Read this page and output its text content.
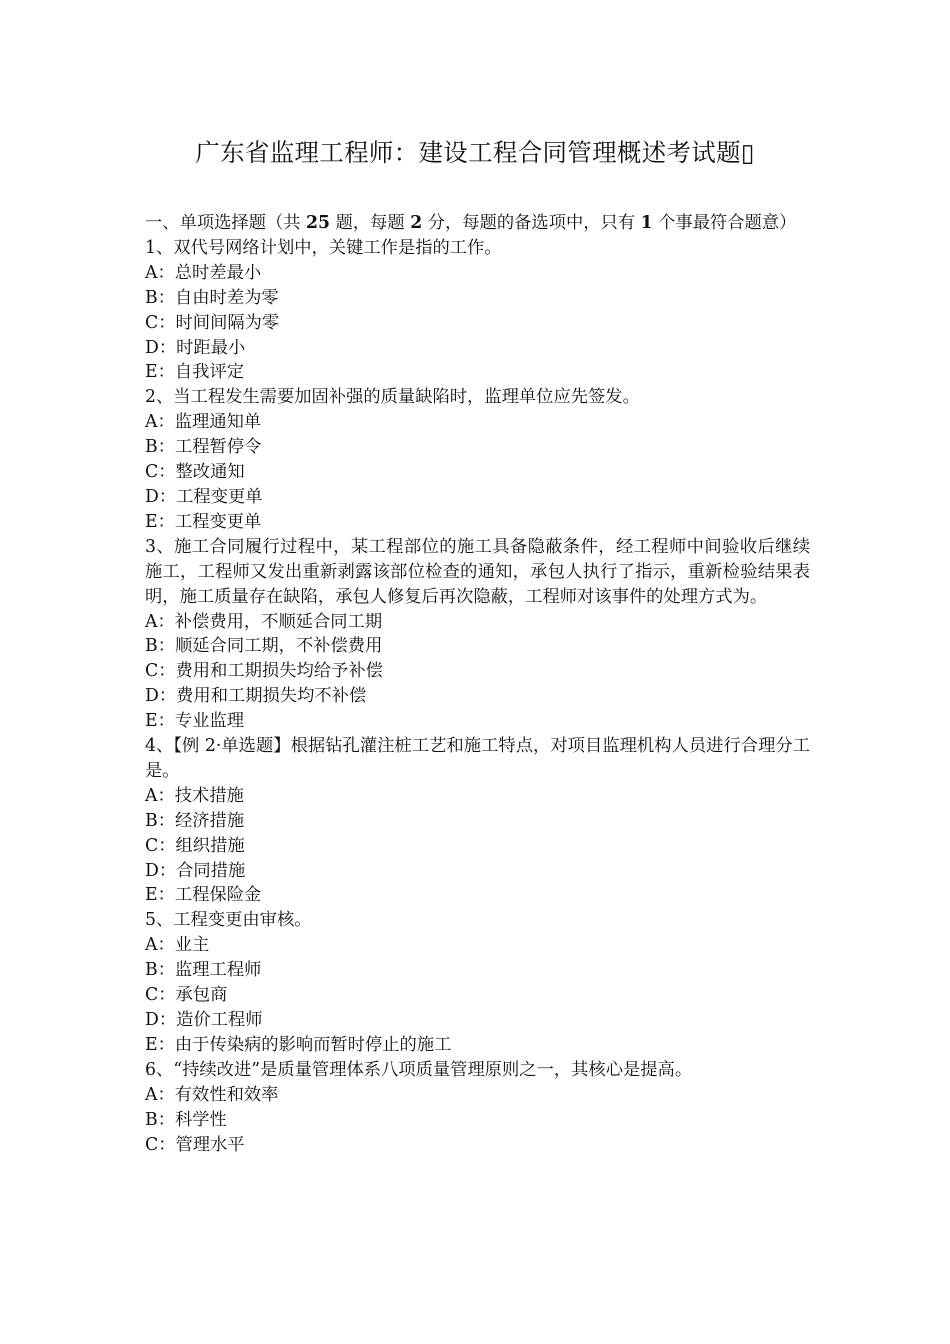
广东省监理工程师：建设工程合同管理概述考试题▯

一、单项选择题（共 25 题，每题 2 分，每题的备选项中，只有 1 个事最符合题意）

1、双代号网络计划中，关键工作是指的工作。

A：总时差最小

B：自由时差为零

C：时间间隔为零

D：时距最小

E：自我评定

2、当工程发生需要加固补强的质量缺陷时，监理单位应先签发。

A：监理通知单

B：工程暂停令

C：整改通知

D：工程变更单

E：工程变更单

3、施工合同履行过程中，某工程部位的施工具备隐蔽条件，经工程师中间验收后继续施工，工程师又发出重新剥露该部位检查的通知，承包人执行了指示，重新检验结果表明，施工质量存在缺陷，承包人修复后再次隐蔽，工程师对该事件的处理方式为。

A：补偿费用，不顺延合同工期

B：顺延合同工期，不补偿费用

C：费用和工期损失均给予补偿

D：费用和工期损失均不补偿

E：专业监理

4、【例 2·单选题】根据钻孔灌注桩工艺和施工特点，对项目监理机构人员进行合理分工是。

A：技术措施

B：经济措施

C：组织措施

D：合同措施

E：工程保险金

5、工程变更由审核。

A：业主

B：监理工程师

C：承包商

D：造价工程师

E：由于传染病的影响而暂时停止的施工

6、“持续改进”是质量管理体系八项质量管理原则之一，其核心是提高。

A：有效性和效率

B：科学性

C：管理水平
